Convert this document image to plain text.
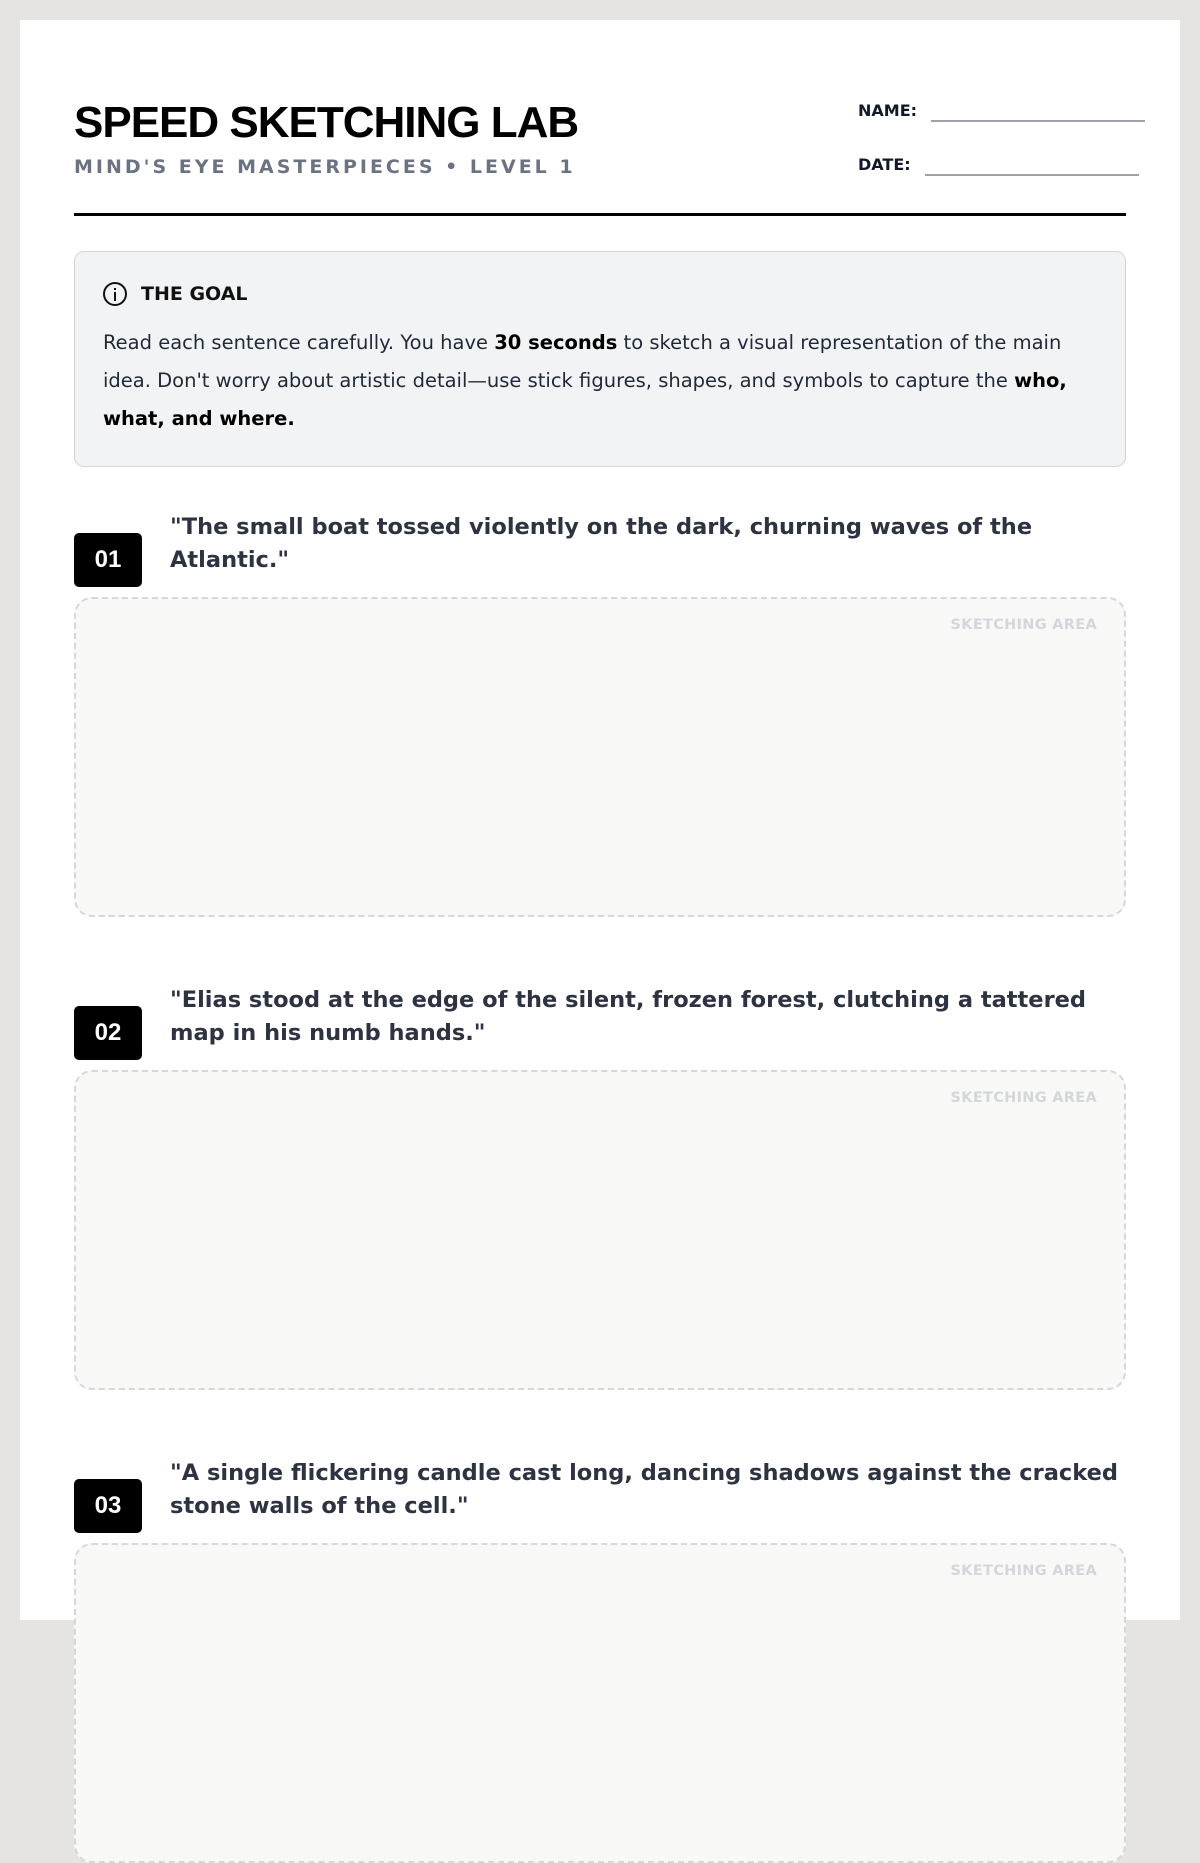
SPEED SKETCHING LAB
MIND'S EYE MASTERPIECES • LEVEL 1
NAME:
DATE:
THE GOAL

Read each sentence carefully. You have 30 seconds to sketch a visual representation of the main idea. Don't worry about artistic detail—use stick figures, shapes, and symbols to capture the who, what, and where.

01
"The small boat tossed violently on the dark, churning waves of the Atlantic."
SKETCHING AREA
02
"Elias stood at the edge of the silent, frozen forest, clutching a tattered map in his numb hands."
SKETCHING AREA
03
"A single flickering candle cast long, dancing shadows against the cracked stone walls of the cell."
SKETCHING AREA
